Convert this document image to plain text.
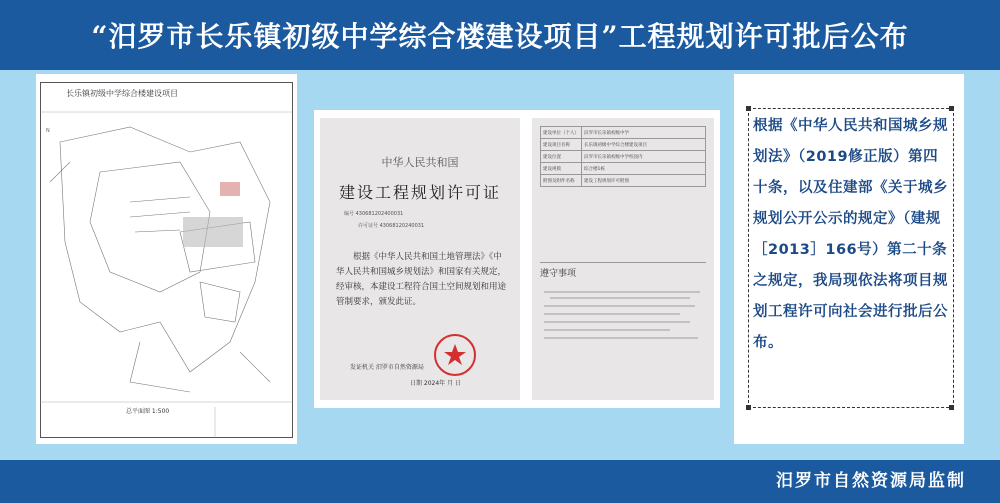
“汨罗市长乐镇初级中学综合楼建设项目”工程规划许可批后公布
N
长乐镇初级中学综合楼建设项目
总平面图 1:500
中华人民共和国
建设工程规划许可证
编号 430681202400031
许可证号 43068120240031
根据《中华人民共和国土地管理法》《中华人民共和国城乡规划法》和国家有关规定，经审核，本建设工程符合国土空间规划和用途管制要求，颁发此证。
发证机关 汨罗市自然资源局
日期 2024年 月 日
建设单位（个人）	汨罗市长乐镇初级中学
建设项目名称	长乐镇初级中学综合楼建设项目
建设位置	汨罗市长乐镇初级中学校园内
建设规模	综合楼1栋
附图及附件名称	建设工程规划许可附图
遵守事项
根据《中华人民共和国城乡规划法》（2019修正版）第四十条，以及住建部《关于城乡规划公开公示的规定》（建规［2013］166号）第二十条之规定，我局现依法将项目规划工程许可向社会进行批后公布。
汨罗市自然资源局监制
